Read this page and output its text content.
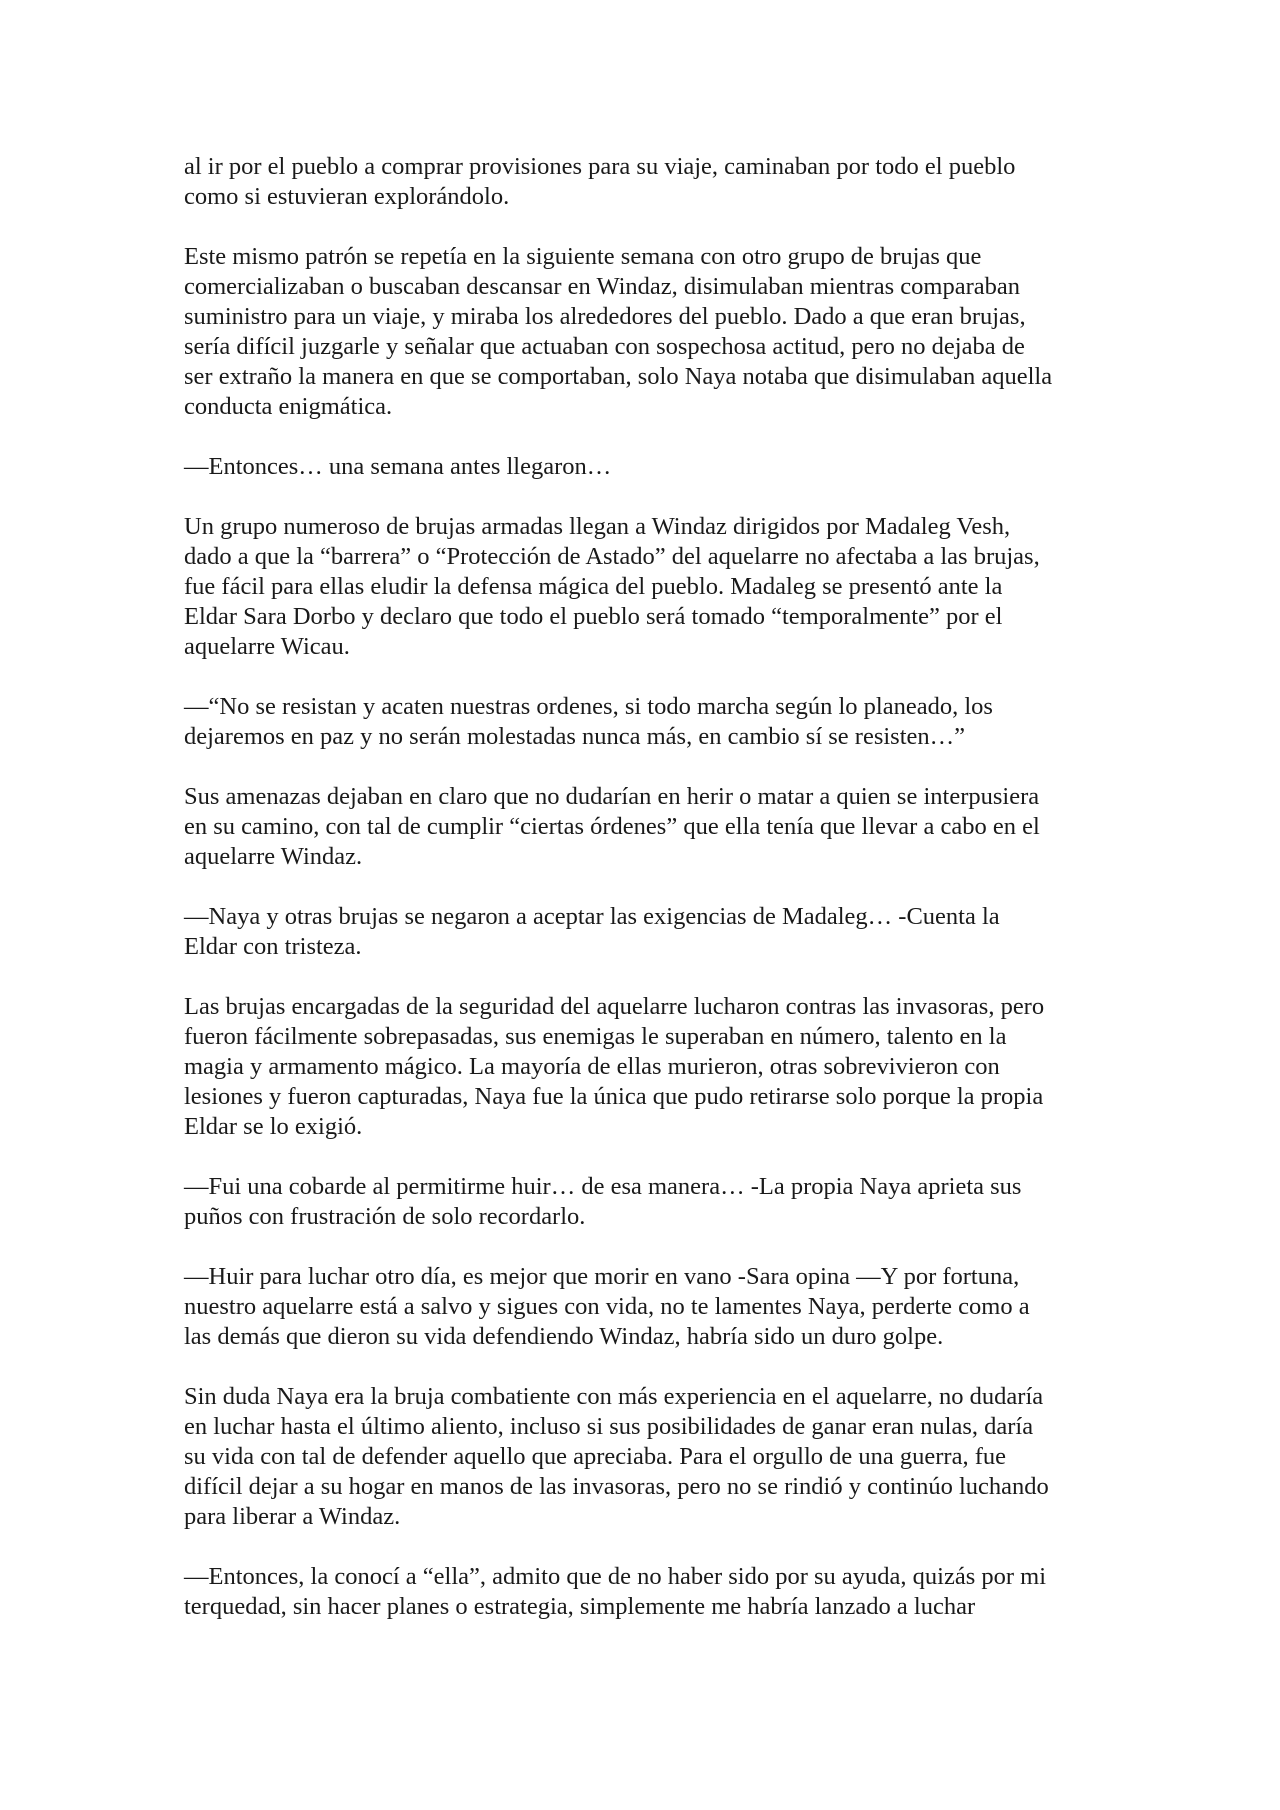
al ir por el pueblo a comprar provisiones para su viaje, caminaban por todo el pueblo
como si estuvieran explorándolo.

Este mismo patrón se repetía en la siguiente semana con otro grupo de brujas que
comercializaban o buscaban descansar en Windaz, disimulaban mientras comparaban
suministro para un viaje, y miraba los alrededores del pueblo. Dado a que eran brujas,
sería difícil juzgarle y señalar que actuaban con sospechosa actitud, pero no dejaba de
ser extraño la manera en que se comportaban, solo Naya notaba que disimulaban aquella
conducta enigmática.

—Entonces… una semana antes llegaron…

Un grupo numeroso de brujas armadas llegan a Windaz dirigidos por Madaleg Vesh,
dado a que la “barrera” o “Protección de Astado” del aquelarre no afectaba a las brujas,
fue fácil para ellas eludir la defensa mágica del pueblo. Madaleg se presentó ante la
Eldar Sara Dorbo y declaro que todo el pueblo será tomado “temporalmente” por el
aquelarre Wicau.

—“No se resistan y acaten nuestras ordenes, si todo marcha según lo planeado, los
dejaremos en paz y no serán molestadas nunca más, en cambio sí se resisten…”

Sus amenazas dejaban en claro que no dudarían en herir o matar a quien se interpusiera
en su camino, con tal de cumplir “ciertas órdenes” que ella tenía que llevar a cabo en el
aquelarre Windaz.

—Naya y otras brujas se negaron a aceptar las exigencias de Madaleg… -Cuenta la
Eldar con tristeza.

Las brujas encargadas de la seguridad del aquelarre lucharon contras las invasoras, pero
fueron fácilmente sobrepasadas, sus enemigas le superaban en número, talento en la
magia y armamento mágico. La mayoría de ellas murieron, otras sobrevivieron con
lesiones y fueron capturadas, Naya fue la única que pudo retirarse solo porque la propia
Eldar se lo exigió.

—Fui una cobarde al permitirme huir… de esa manera… -La propia Naya aprieta sus
puños con frustración de solo recordarlo.

—Huir para luchar otro día, es mejor que morir en vano -Sara opina —Y por fortuna,
nuestro aquelarre está a salvo y sigues con vida, no te lamentes Naya, perderte como a
las demás que dieron su vida defendiendo Windaz, habría sido un duro golpe.

Sin duda Naya era la bruja combatiente con más experiencia en el aquelarre, no dudaría
en luchar hasta el último aliento, incluso si sus posibilidades de ganar eran nulas, daría
su vida con tal de defender aquello que apreciaba. Para el orgullo de una guerra, fue
difícil dejar a su hogar en manos de las invasoras, pero no se rindió y continúo luchando
para liberar a Windaz.

—Entonces, la conocí a “ella”, admito que de no haber sido por su ayuda, quizás por mi
terquedad, sin hacer planes o estrategia, simplemente me habría lanzado a luchar
